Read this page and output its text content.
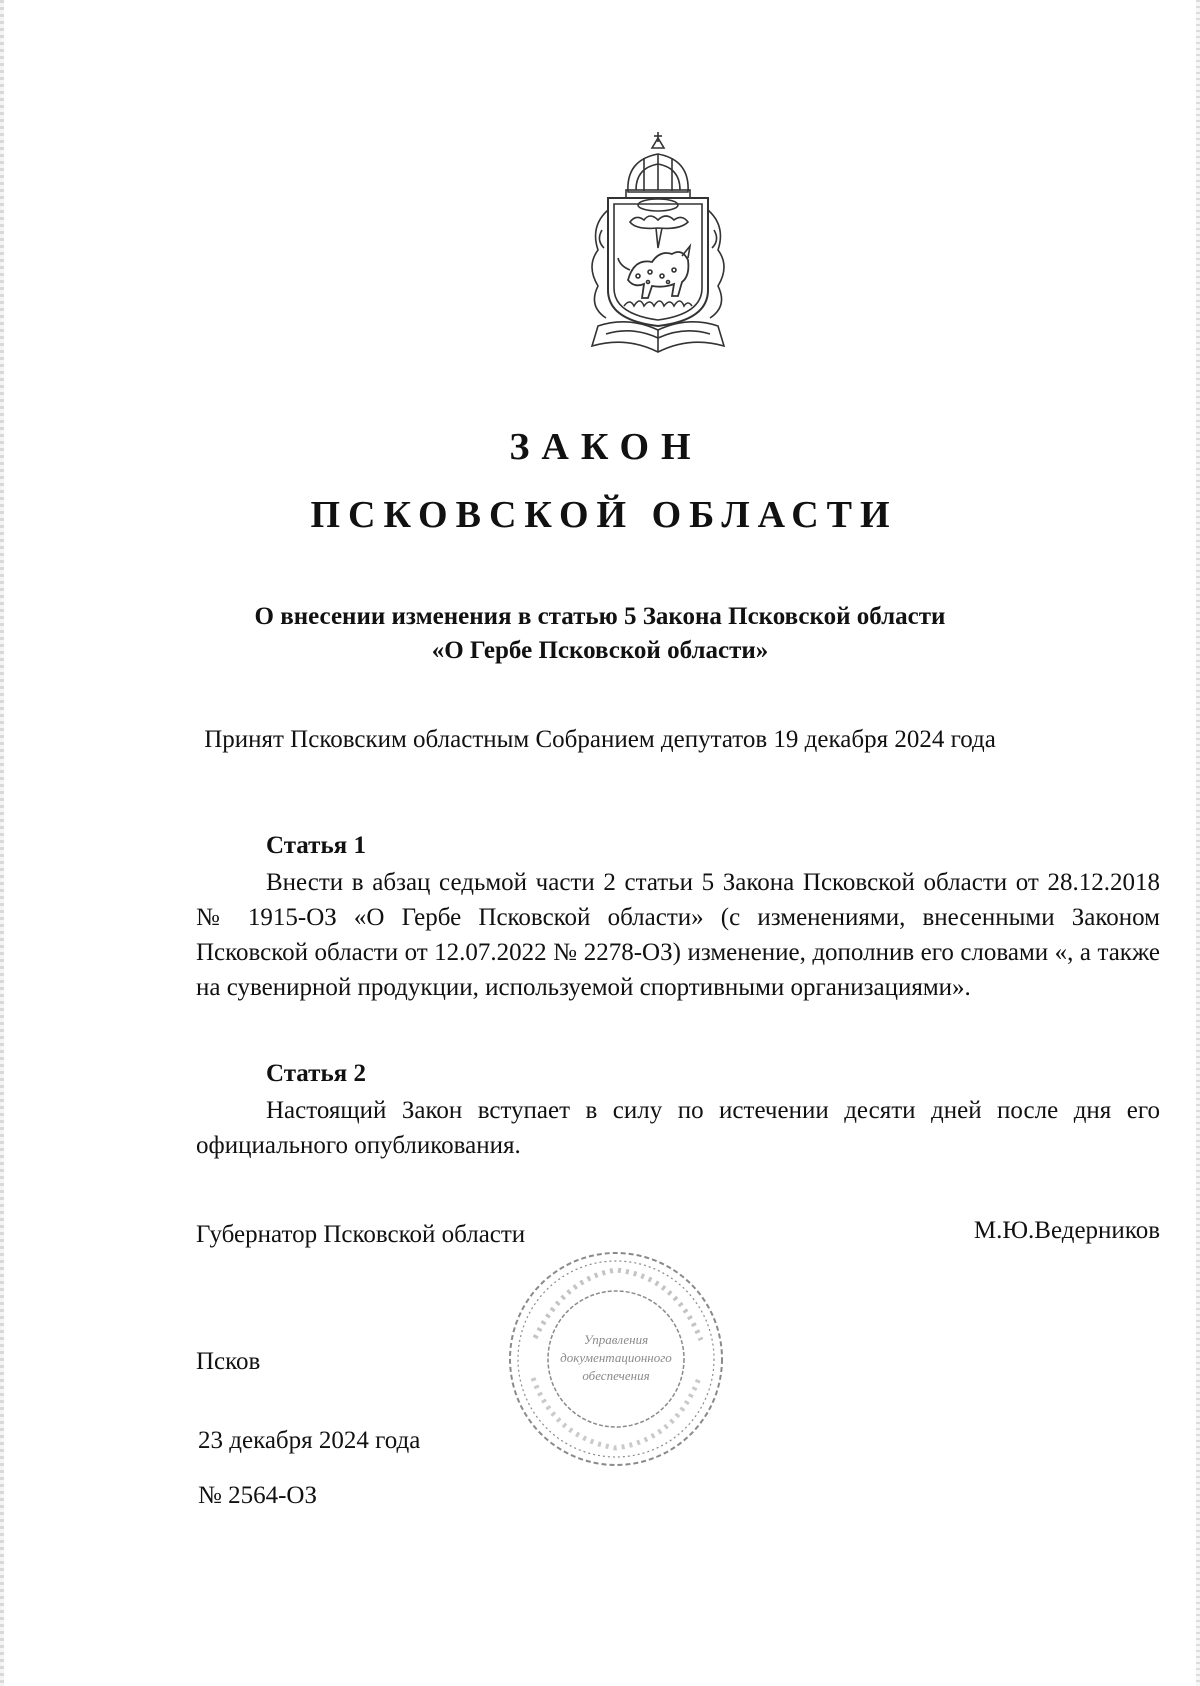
ЗАКОН
ПСКОВСКОЙ ОБЛАСТИ
О внесении изменения в статью 5 Закона Псковской области
«О Гербе Псковской области»
Принят Псковским областным Собранием депутатов 19 декабря 2024 года
Статья 1
Внести в абзац седьмой части 2 статьи 5 Закона Псковской области от 28.12.2018 № 1915-ОЗ «О Гербе Псковской области» (с изменениями, внесенными Законом Псковской области от 12.07.2022 № 2278-ОЗ) изменение, дополнив его словами «, а также на сувенирной продукции, используемой спортивными организациями».
Статья 2
Настоящий Закон вступает в силу по истечении десяти дней после дня его официального опубликования.
Губернатор Псковской области	М.Ю.Ведерников
Управления
документационного
обеспечения
Псков
23 декабря 2024 года
№ 2564-ОЗ
